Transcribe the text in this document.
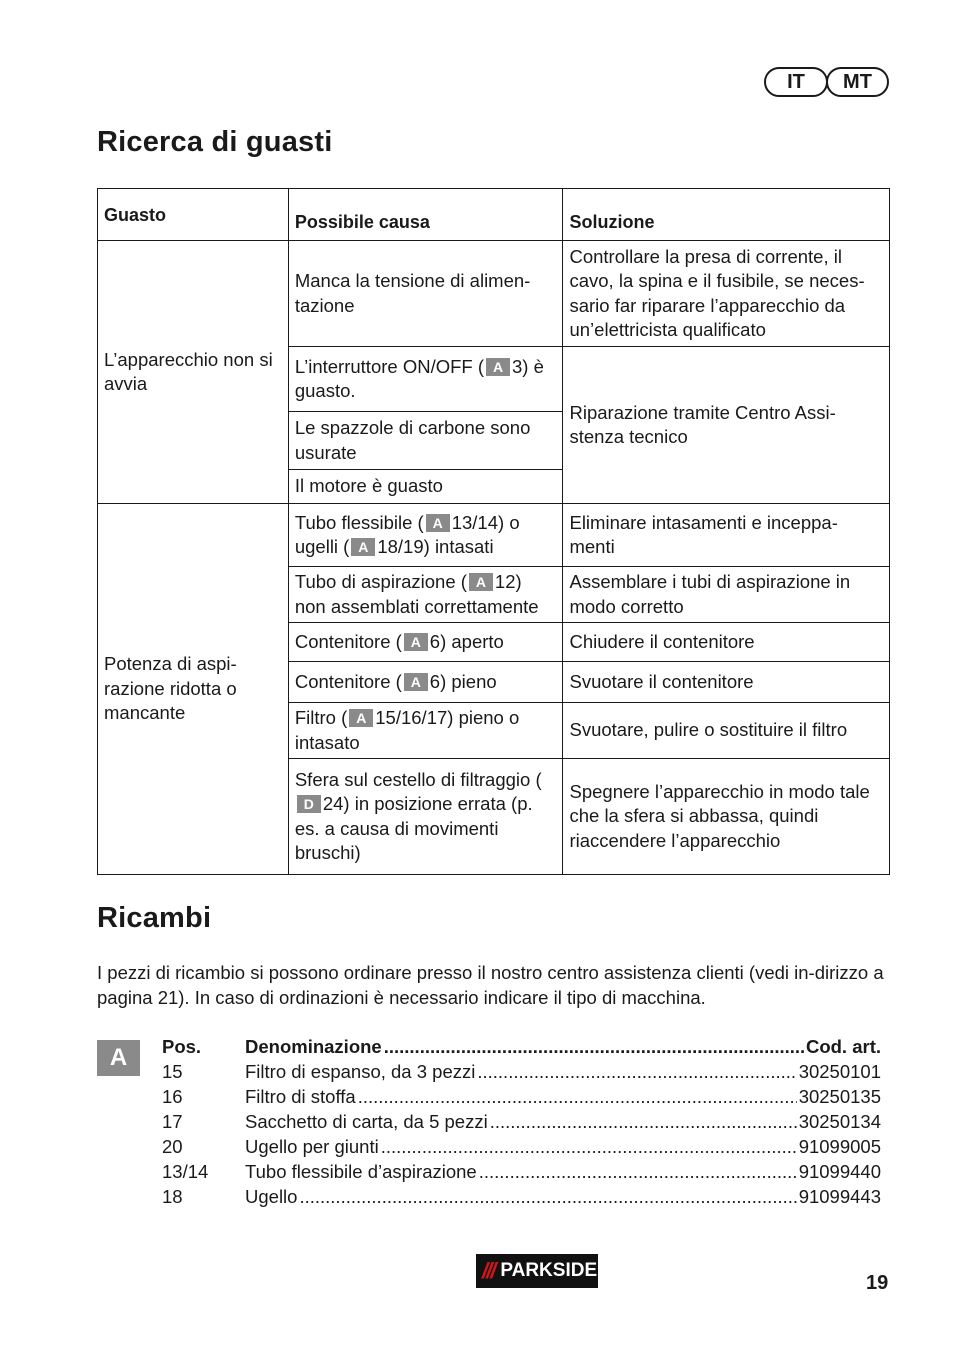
IT	MT
Ricerca di guasti
Guasto	Possibile causa	Soluzione
L’apparecchio non si avvia	Manca la tensione di alimen-tazione	Controllare la presa di corrente, il cavo, la spina e il fusibile, se neces-sario far riparare l’apparecchio da un’elettricista qualificato
	L’interruttore ON/OFF ( A 3) è guasto.	Riparazione tramite Centro Assi-stenza tecnico
	Le spazzole di carbone sono usurate	
	Il motore è guasto	
Potenza di aspi-razione ridotta o mancante	Tubo flessibile ( A 13/14) o ugelli ( A 18/19) intasati	Eliminare intasamenti e inceppa-menti
	Tubo di aspirazione ( A 12) non assemblati correttamente	Assemblare i tubi di aspirazione in modo corretto
	Contenitore ( A 6) aperto	Chiudere il contenitore
	Contenitore ( A 6) pieno	Svuotare il contenitore
	Filtro ( A 15/16/17) pieno o intasato	Svuotare, pulire o sostituire il filtro
	Sfera sul cestello di filtraggio (D 24) in posizione errata (p. es. a causa di movimenti bruschi)	Spegnere l’apparecchio in modo tale che la sfera si abbassa, quindi riaccendere l’apparecchio
Ricambi

I pezzi di ricambio si possono ordinare presso il nostro centro assistenza clienti (vedi in-dirizzo a pagina 21). In caso di ordinazioni è necessario indicare il tipo di macchina.

A	Pos.	Denominazione .....	Cod. art.
15	Filtro di espanso, da 3 pezzi .....	30250101
16	Filtro di stoffa .....	30250135
17	Sacchetto di carta, da 5 pezzi .....	30250134
20	Ugello per giunti .....	91099005
13/14	Tubo flessibile d’aspirazione .....	91099440
18	Ugello .....	91099443
/// PARKSIDE
19
